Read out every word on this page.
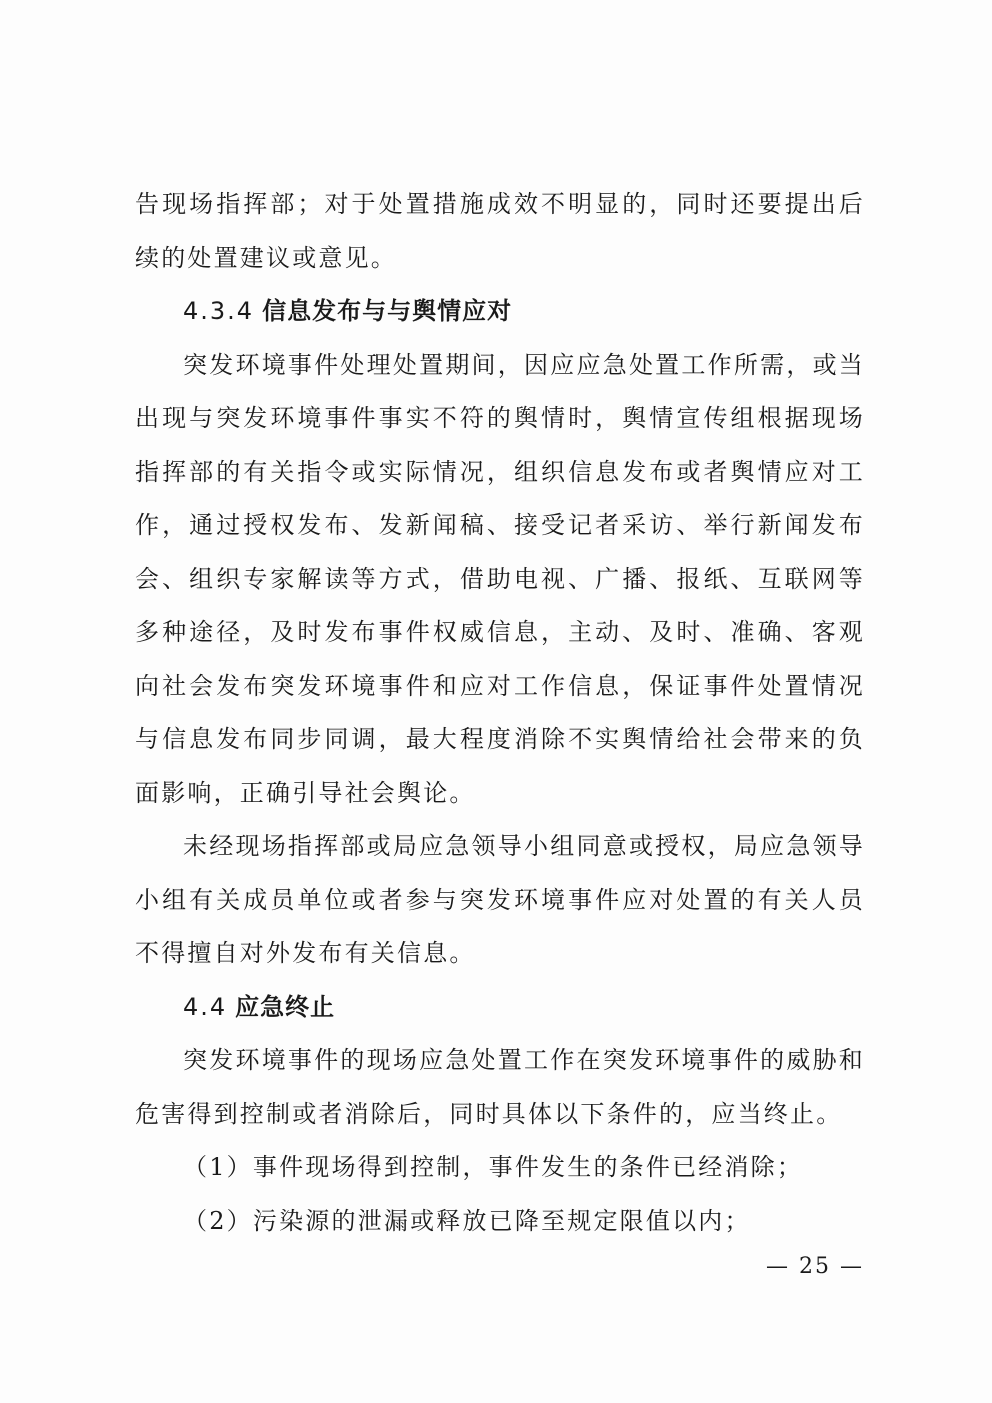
告现场指挥部；对于处置措施成效不明显的，同时还要提出后续的处置建议或意见。

4.3.4 信息发布与与舆情应对

突发环境事件处理处置期间，因应应急处置工作所需，或当出现与突发环境事件事实不符的舆情时，舆情宣传组根据现场指挥部的有关指令或实际情况，组织信息发布或者舆情应对工作，通过授权发布、发新闻稿、接受记者采访、举行新闻发布会、组织专家解读等方式，借助电视、广播、报纸、互联网等多种途径，及时发布事件权威信息，主动、及时、准确、客观向社会发布突发环境事件和应对工作信息，保证事件处置情况与信息发布同步同调，最大程度消除不实舆情给社会带来的负面影响，正确引导社会舆论。

未经现场指挥部或局应急领导小组同意或授权，局应急领导小组有关成员单位或者参与突发环境事件应对处置的有关人员不得擅自对外发布有关信息。

4.4 应急终止

突发环境事件的现场应急处置工作在突发环境事件的威胁和危害得到控制或者消除后，同时具体以下条件的，应当终止。

（1）事件现场得到控制，事件发生的条件已经消除；

（2）污染源的泄漏或释放已降至规定限值以内；

— 25 —
